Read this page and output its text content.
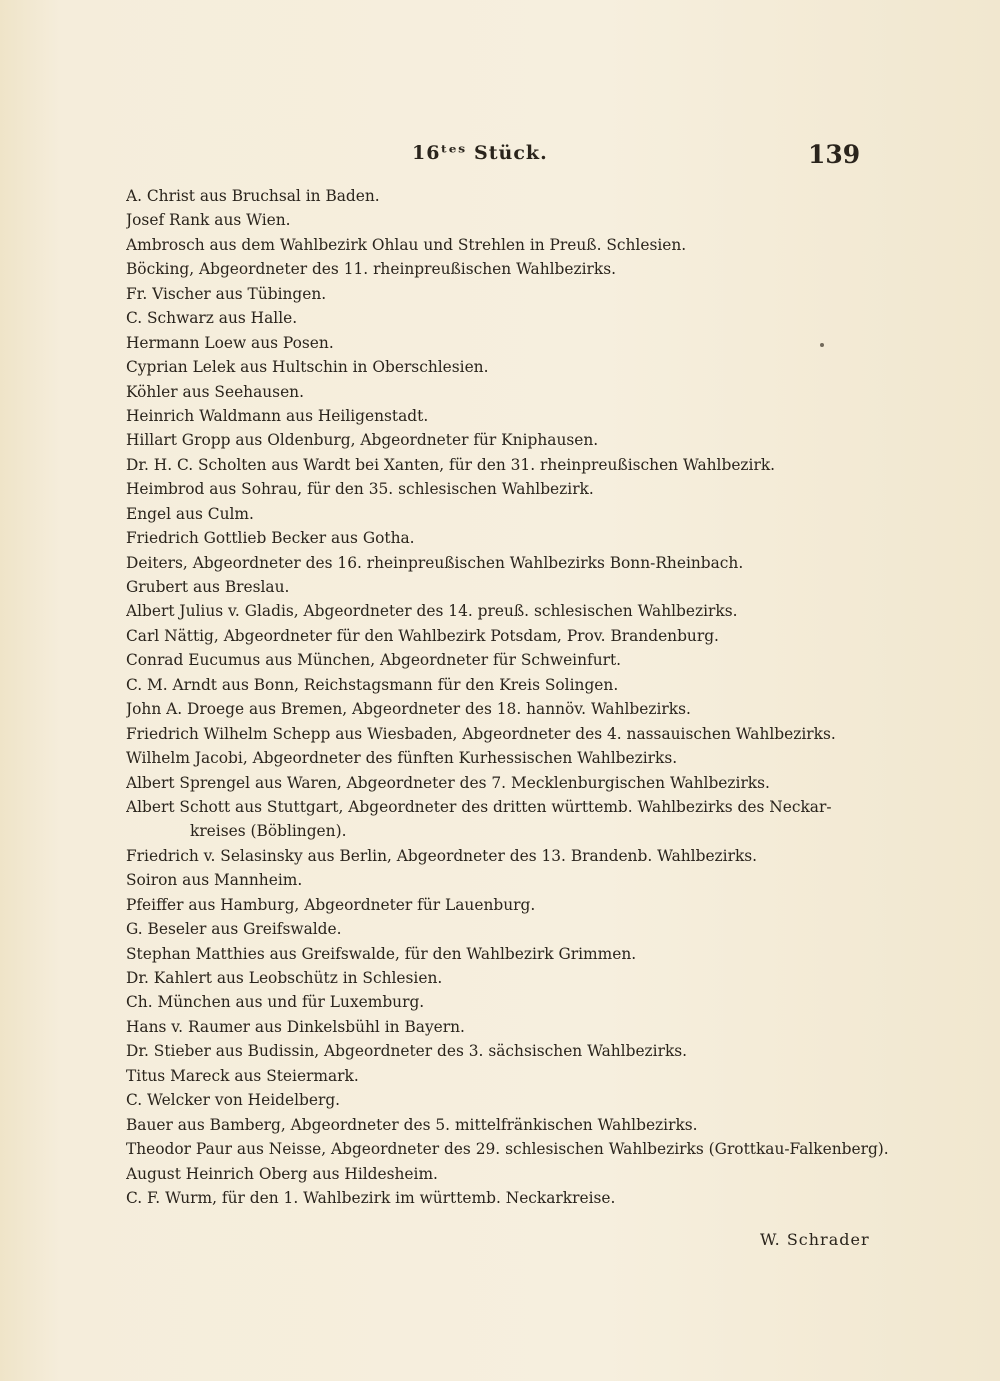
16ᵗᵉˢ Stück.	139
A. Christ aus Bruchsal in Baden.
Josef Rank aus Wien.
Ambrosch aus dem Wahlbezirk Ohlau und Strehlen in Preuß. Schlesien.
Böcking, Abgeordneter des 11. rheinpreußischen Wahlbezirks.
Fr. Vischer aus Tübingen.
C. Schwarz aus Halle.
Hermann Loew aus Posen.
Cyprian Lelek aus Hultschin in Oberschlesien.
Köhler aus Seehausen.
Heinrich Waldmann aus Heiligenstadt.
Hillart Gropp aus Oldenburg, Abgeordneter für Kniphausen.
Dr. H. C. Scholten aus Wardt bei Xanten, für den 31. rheinpreußischen Wahlbezirk.
Heimbrod aus Sohrau, für den 35. schlesischen Wahlbezirk.
Engel aus Culm.
Friedrich Gottlieb Becker aus Gotha.
Deiters, Abgeordneter des 16. rheinpreußischen Wahlbezirks Bonn-Rheinbach.
Grubert aus Breslau.
Albert Julius v. Gladis, Abgeordneter des 14. preuß. schlesischen Wahlbezirks.
Carl Nättig, Abgeordneter für den Wahlbezirk Potsdam, Prov. Brandenburg.
Conrad Eucumus aus München, Abgeordneter für Schweinfurt.
C. M. Arndt aus Bonn, Reichstagsmann für den Kreis Solingen.
John A. Droege aus Bremen, Abgeordneter des 18. hannöv. Wahlbezirks.
Friedrich Wilhelm Schepp aus Wiesbaden, Abgeordneter des 4. nassauischen Wahlbezirks.
Wilhelm Jacobi, Abgeordneter des fünften Kurhessischen Wahlbezirks.
Albert Sprengel aus Waren, Abgeordneter des 7. Mecklenburgischen Wahlbezirks.
Albert Schott aus Stuttgart, Abgeordneter des dritten württemb. Wahlbezirks des Neckar-
kreises (Böblingen).
Friedrich v. Selasinsky aus Berlin, Abgeordneter des 13. Brandenb. Wahlbezirks.
Soiron aus Mannheim.
Pfeiffer aus Hamburg, Abgeordneter für Lauenburg.
G. Beseler aus Greifswalde.
Stephan Matthies aus Greifswalde, für den Wahlbezirk Grimmen.
Dr. Kahlert aus Leobschütz in Schlesien.
Ch. München aus und für Luxemburg.
Hans v. Raumer aus Dinkelsbühl in Bayern.
Dr. Stieber aus Budissin, Abgeordneter des 3. sächsischen Wahlbezirks.
Titus Mareck aus Steiermark.
C. Welcker von Heidelberg.
Bauer aus Bamberg, Abgeordneter des 5. mittelfränkischen Wahlbezirks.
Theodor Paur aus Neisse, Abgeordneter des 29. schlesischen Wahlbezirks (Grottkau-Falkenberg).
August Heinrich Oberg aus Hildesheim.
C. F. Wurm, für den 1. Wahlbezirk im württemb. Neckarkreise.
W. Schrader
